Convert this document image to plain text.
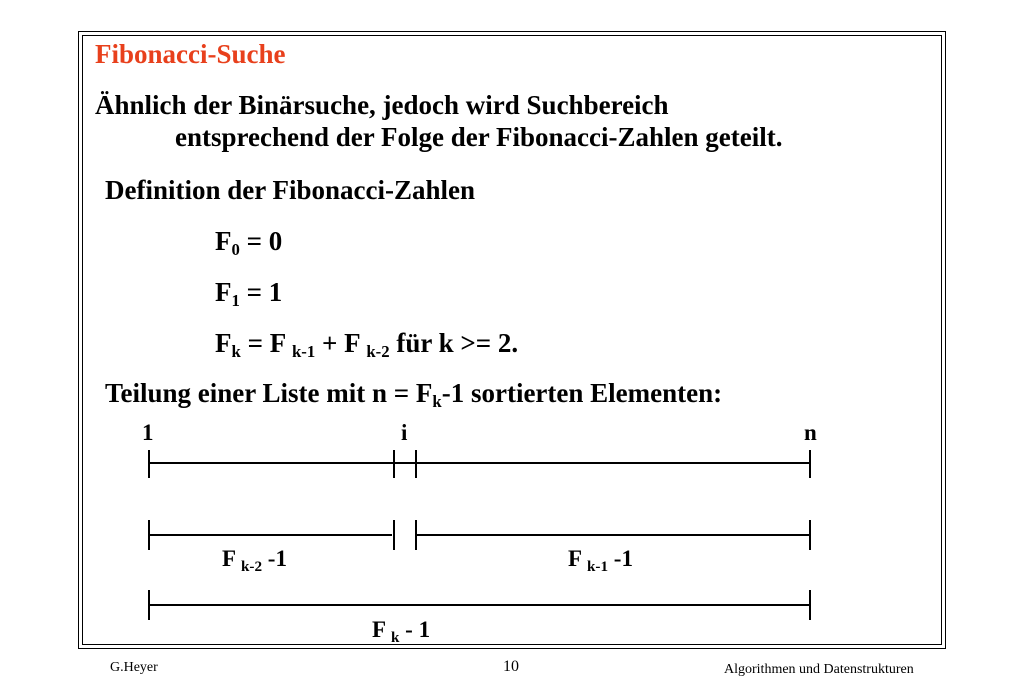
Fibonacci-Suche
Ähnlich der Binärsuche, jedoch wird Suchbereich
entsprechend der Folge der Fibonacci-Zahlen geteilt.
Definition der Fibonacci-Zahlen
F0 = 0
F1 = 1
Fk = F k-1 + F k-2 für k >= 2.
Teilung einer Liste mit n = Fk-1 sortierten Elementen:
1	i	n
F $_{k-2}$ -1	F $_{k-1}$ -1
F $_k$ - 1
G.Heyer	10	Algorithmen und Datenstrukturen
